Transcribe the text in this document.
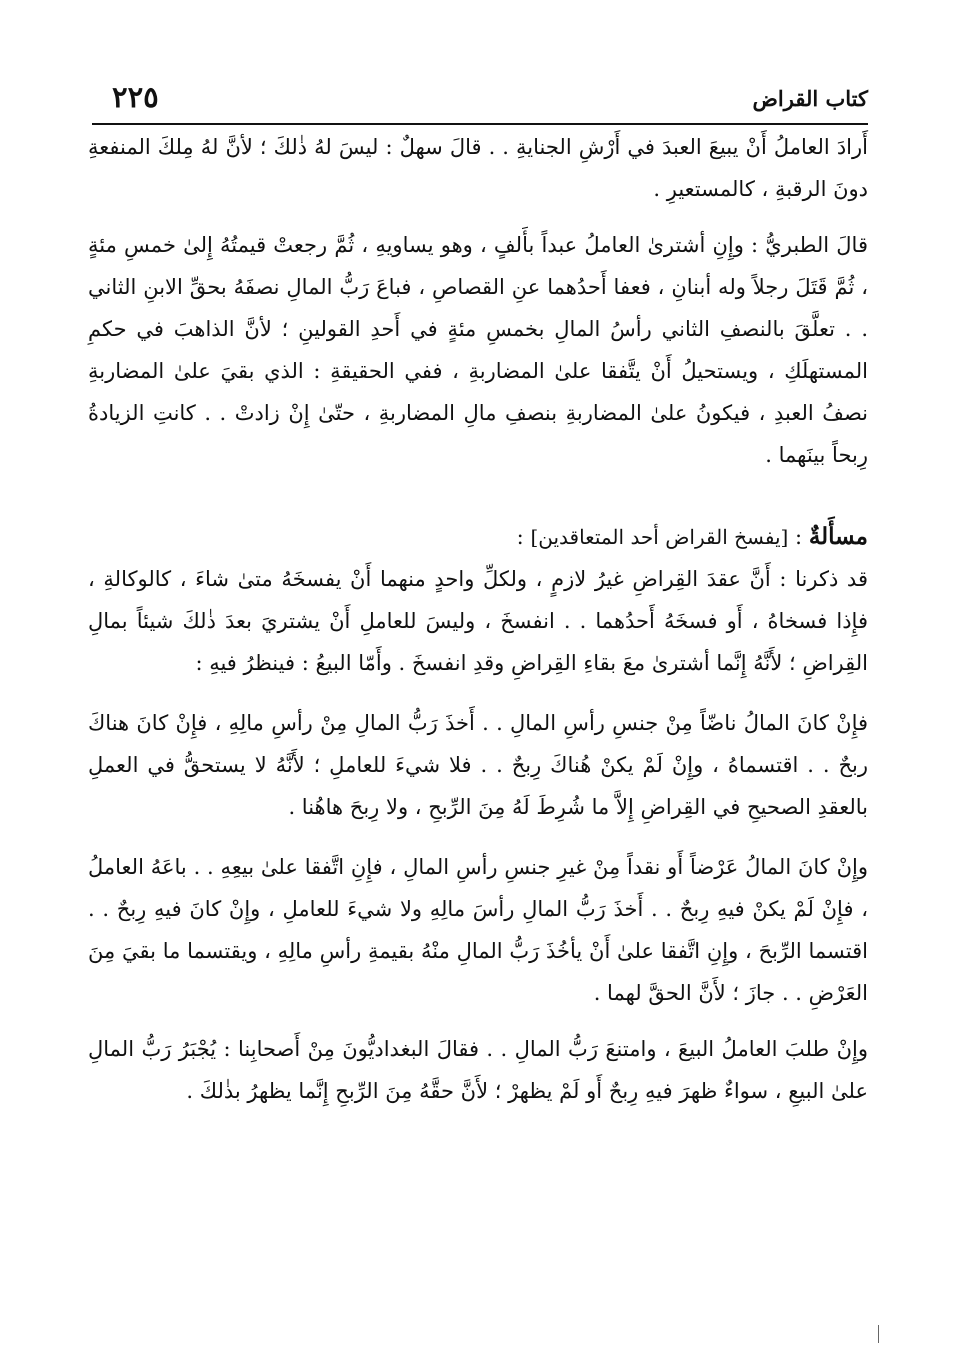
كتاب القراض
٢٢٥

أَرادَ العاملُ أَنْ يبيعَ العبدَ في أَرْشِ الجنايةِ . . قالَ سهلٌ : ليسَ لهُ ذٰلكَ ؛ لأنَّ لهُ مِلكَ المنفعةِ دونَ الرقبةِ ، كالمستعيرِ .

قالَ الطبريُّ : وإِنِ أشترىٰ العاملُ عبداً بأَلفٍ ، وهو يساويهِ ، ثُمَّ رجعتْ قيمتُهُ إِلىٰ خمسِ مئةٍ ، ثُمَّ قَتَلَ رجلاً وله أبنانِ ، فعفا أَحدُهما عنِ القصاصِ ، فباعَ رَبُّ المالِ نصفَهُ بحقِّ الابنِ الثاني . . تعلَّقَ بالنصفِ الثاني رأسُ المالِ بخمسِ مئةٍ في أَحدِ القولينِ ؛ لأنَّ الذاهبَ في حكمِ المستهلَكِ ، ويستحيلُ أَنْ يتَّفقا علىٰ المضاربةِ ، ففي الحقيقةِ : الذي بقيَ علىٰ المضاربةِ نصفُ العبدِ ، فيكونُ علىٰ المضاربةِ بنصفِ مالِ المضاربةِ ، حتّىٰ إِنْ زادتْ . . كانتِ الزيادةُ رِبحاً بينَهما .

مسأَلةٌ : [يفسخ القراض أحد المتعاقدين] :

قد ذكرنا : أَنَّ عقدَ القِراضِ غيرُ لازمٍ ، ولكلِّ واحدٍ منهما أَنْ يفسخَهُ متىٰ شاءَ ، كالوكالةِ ، فإِذا فسخاهُ ، أَو فسخَهُ أَحدُهما . . انفسخَ ، وليسَ للعاملِ أَنْ يشتريَ بعدَ ذٰلكَ شيئاً بمالِ القِراضِ ؛ لأَنَّهُ إِنَّما أشترىٰ معَ بقاءِ القِراضِ وقدِ انفسخَ . وأَمّا البيعُ : فينظرُ فيهِ :

فإِنْ كانَ المالُ ناضّاً مِنْ جنسِ رأسِ المالِ . . أَخذَ رَبُّ المالِ مِنْ رأسِ مالِهِ ، فإِنْ كانَ هناكَ ربحٌ . . اقتسماهُ ، وإِنْ لَمْ يكنْ هُناكَ رِبحٌ . . فلا شيءَ للعاملِ ؛ لأَنَّهُ لا يستحقُّ في العملِ بالعقدِ الصحيحِ في القِراضِ إِلاَّ ما شُرِطَ لَهُ مِنَ الرِّبحِ ، ولا رِبحَ هاهُنا .

وإِنْ كانَ المالُ عَرْضاً أَو نقداً مِنْ غيرِ جنسِ رأسِ المالِ ، فإِنِ اتَّفقا علىٰ بيعِهِ . . باعَهُ العاملُ ، فإِنْ لَمْ يكنْ فيهِ رِبحٌ . . أَخذَ رَبُّ المالِ رأسَ مالِهِ ولا شيءَ للعاملِ ، وإِنْ كانَ فيهِ رِبحٌ . . اقتسما الرِّبحَ ، وإِنِ اتَّفقا علىٰ أَنْ يأخُذَ رَبُّ المالِ منْهُ بقيمةِ رأسِ مالِهِ ، ويقتسما ما بقيَ مِنَ العَرْضِ . . جازَ ؛ لأَنَّ الحقَّ لهما .

وإِنْ طلبَ العاملُ البيعَ ، وامتنعَ رَبُّ المالِ . . فقالَ البغداديُّونَ مِنْ أَصحابِنا : يُجْبَرُ رَبُّ المالِ علىٰ البيعِ ، سواءٌ ظهرَ فيهِ رِبحٌ أَو لَمْ يظهرْ ؛ لأَنَّ حقَّهُ مِنَ الرِّبحِ إِنَّما يظهرُ بذٰلكَ .
